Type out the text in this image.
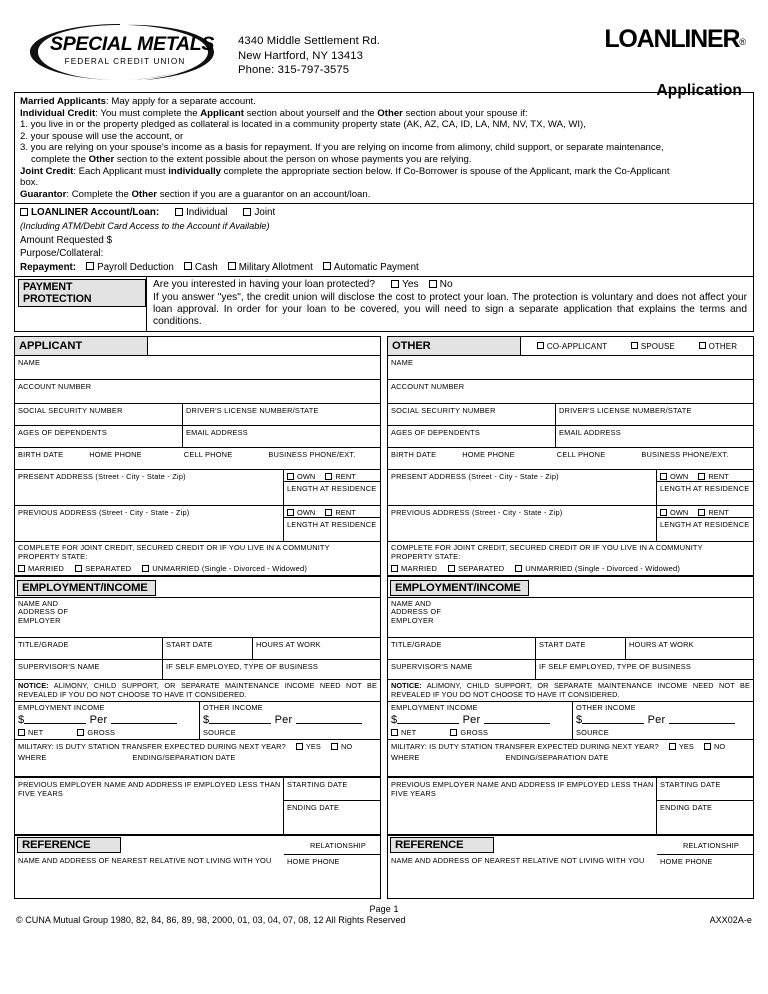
SPECIAL METALS
FEDERAL CREDIT UNION
4340 Middle Settlement Rd.
New Hartford, NY 13413
Phone: 315-797-3575
LOANLINER®
Application

Married Applicants: May apply for a separate account.

Individual Credit: You must complete the Applicant section about yourself and the Other section about your spouse if:

1. you live in or the property pledged as collateral is located in a community property state (AK, AZ, CA, ID, LA, NM, NV, TX, WA, WI),

2. your spouse will use the account, or

3. you are relying on your spouse's income as a basis for repayment. If you are relying on income from alimony, child support, or separate maintenance,

complete the Other section to the extent possible about the person on whose payments you are relying.

Joint Credit: Each Applicant must individually complete the appropriate section below. If Co-Borrower is spouse of the Applicant, mark the Co-Applicant

box.

Guarantor: Complete the Other section if you are a guarantor on an account/loan.

LOANLINER Account/Loan:	Individual	Joint
(Including ATM/Debit Card Access to the Account if Available)
Amount Requested $
Purpose/Collateral:
Repayment: Payroll Deduction Cash Military Allotment Automatic Payment
PAYMENT PROTECTION
Are you interested in having your loan protected?	Yes No
If you answer "yes", the credit union will disclose the cost to protect your loan. The protection is voluntary and does not affect your loan approval. In order for your loan to be covered, you will need to sign a separate application that explains the terms and conditions.
APPLICANT
NAME
ACCOUNT NUMBER
SOCIAL SECURITY NUMBER	DRIVER'S LICENSE NUMBER/STATE
AGES OF DEPENDENTS	EMAIL ADDRESS
BIRTH DATE	HOME PHONE	CELL PHONE	BUSINESS PHONE/EXT.
PRESENT ADDRESS (Street - City - State - Zip)	OWN	RENT
LENGTH AT RESIDENCE
PREVIOUS ADDRESS (Street - City - State - Zip)	OWN	RENT
LENGTH AT RESIDENCE
COMPLETE FOR JOINT CREDIT, SECURED CREDIT OR IF YOU LIVE IN A COMMUNITY
PROPERTY STATE:
MARRIED	SEPARATED	UNMARRIED (Single - Divorced - Widowed)
EMPLOYMENT/INCOME
NAME AND
ADDRESS OF
EMPLOYER
TITLE/GRADE	START DATE	HOURS AT WORK
SUPERVISOR'S NAME	IF SELF EMPLOYED, TYPE OF BUSINESS
NOTICE: ALIMONY, CHILD SUPPORT, OR SEPARATE MAINTENANCE INCOME NEED NOT BE REVEALED IF YOU DO NOT CHOOSE TO HAVE IT CONSIDERED.
EMPLOYMENT INCOME
$	Per
NET	GROSS
OTHER INCOME
$	Per
SOURCE
MILITARY: IS DUTY STATION TRANSFER EXPECTED DURING NEXT YEAR?	YES	NO
WHERE	ENDING/SEPARATION DATE
PREVIOUS EMPLOYER NAME AND ADDRESS IF EMPLOYED LESS THAN
FIVE YEARS
STARTING DATE
ENDING DATE
REFERENCE	RELATIONSHIP
NAME AND ADDRESS OF NEAREST RELATIVE NOT LIVING WITH YOU	HOME PHONE
OTHER	CO-APPLICANT	SPOUSE	OTHER
NAME
ACCOUNT NUMBER
SOCIAL SECURITY NUMBER	DRIVER'S LICENSE NUMBER/STATE
AGES OF DEPENDENTS	EMAIL ADDRESS
BIRTH DATE	HOME PHONE	CELL PHONE	BUSINESS PHONE/EXT.
PRESENT ADDRESS (Street - City - State - Zip)	OWN	RENT
LENGTH AT RESIDENCE
PREVIOUS ADDRESS (Street - City - State - Zip)	OWN	RENT
LENGTH AT RESIDENCE
COMPLETE FOR JOINT CREDIT, SECURED CREDIT OR IF YOU LIVE IN A COMMUNITY
PROPERTY STATE:
MARRIED	SEPARATED	UNMARRIED (Single - Divorced - Widowed)
EMPLOYMENT/INCOME
NAME AND
ADDRESS OF
EMPLOYER
TITLE/GRADE	START DATE	HOURS AT WORK
SUPERVISOR'S NAME	IF SELF EMPLOYED, TYPE OF BUSINESS
NOTICE: ALIMONY, CHILD SUPPORT, OR SEPARATE MAINTENANCE INCOME NEED NOT BE REVEALED IF YOU DO NOT CHOOSE TO HAVE IT CONSIDERED.
EMPLOYMENT INCOME
$	Per
NET	GROSS
OTHER INCOME
$	Per
SOURCE
MILITARY: IS DUTY STATION TRANSFER EXPECTED DURING NEXT YEAR?	YES	NO
WHERE	ENDING/SEPARATION DATE
PREVIOUS EMPLOYER NAME AND ADDRESS IF EMPLOYED LESS THAN
FIVE YEARS
STARTING DATE
ENDING DATE
REFERENCE	RELATIONSHIP
NAME AND ADDRESS OF NEAREST RELATIVE NOT LIVING WITH YOU	HOME PHONE
Page 1
© CUNA Mutual Group 1980, 82, 84, 86, 89, 98, 2000, 01, 03, 04, 07, 08, 12 All Rights Reserved	AXX02A-e
